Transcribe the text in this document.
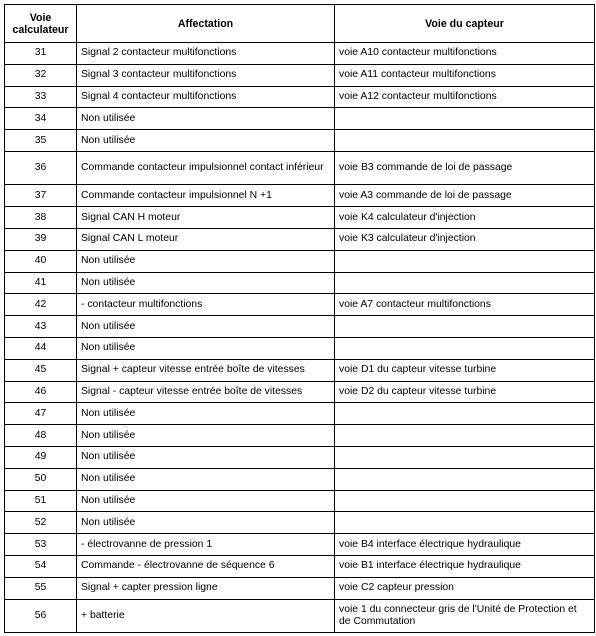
Voie
calculateur	Affectation	Voie du capteur
31	Signal 2 contacteur multifonctions	voie A10 contacteur multifonctions
32	Signal 3 contacteur multifonctions	voie A11 contacteur multifonctions
33	Signal 4 contacteur multifonctions	voie A12 contacteur multifonctions
34	Non utilisée	
35	Non utilisée	
36	Commande contacteur impulsionnel contact inférieur	voie B3 commande de loi de passage
37	Commande contacteur impulsionnel N +1	voie A3 commande de loi de passage
38	Signal CAN H moteur	voie K4 calculateur d'injection
39	Signal CAN L moteur	voie K3 calculateur d'injection
40	Non utilisée	
41	Non utilisée	
42	- contacteur multifonctions	voie A7 contacteur multifonctions
43	Non utilisée	
44	Non utilisée	
45	Signal + capteur vitesse entrée boîte de vitesses	voie D1 du capteur vitesse turbine
46	Signal - capteur vitesse entrée boîte de vitesses	voie D2 du capteur vitesse turbine
47	Non utilisée	
48	Non utilisée	
49	Non utilisée	
50	Non utilisée	
51	Non utilisée	
52	Non utilisée	
53	- électrovanne de pression 1	voie B4 interface électrique hydraulique
54	Commande - électrovanne de séquence 6	voie B1 interface électrique hydraulique
55	Signal + capter pression ligne	voie C2 capteur pression
56	+ batterie	voie 1 du connecteur gris de l'Unité de Protection et de Commutation
